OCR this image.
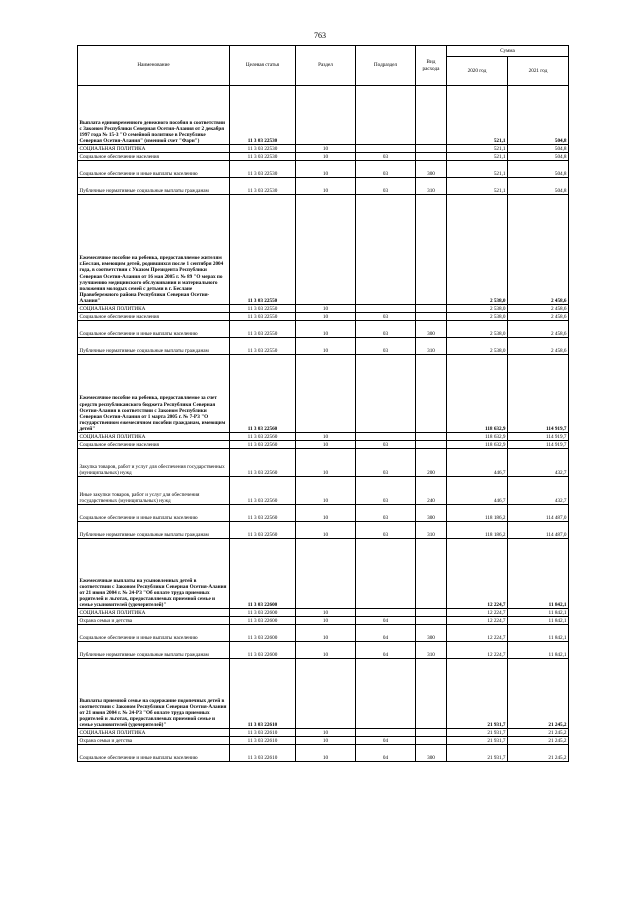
763
Наименование	Целевая статья	Раздел	Подраздел	Вид расхода	Сумма	
					2020 год	2021 год
Выплата единовременного денежного пособия в соответствии с Законом Республики Северная Осетия-Алания от 2 декабря 1997 года № 15-З "О семейной политике в Республике Северная Осетия-Алания" (именной счет "Фарн")	11 3 03 22530				521,1	504,8
СОЦИАЛЬНАЯ ПОЛИТИКА	11 3 03 22530	10			521,1	504,8
Социальное обеспечение населения	11 3 03 22530	10	03		521,1	504,8
Социальное обеспечение и иные выплаты населению	11 3 03 22530	10	03	300	521,1	504,8
Публичные нормативные социальные выплаты гражданам	11 3 03 22530	10	03	310	521,1	504,8
Ежемесячное пособие на ребенка, предоставляемое жителям г.Беслан, имеющим детей, родившихся после 1 сентября 2004 года, в соответствии с Указом Президента Республики Северная Осетия-Алания от 16 мая 2005 г. № 89 "О мерах по улучшению медицинского обслуживания и материального положения молодых семей с детьми в г. Беслане Правобережного района Республики Северная Осетия-Алания"	11 3 03 22550				2 538,0	2 458,6
СОЦИАЛЬНАЯ ПОЛИТИКА	11 3 03 22550	10			2 538,0	2 458,6
Социальное обеспечение населения	11 3 03 22550	10	03		2 538,0	2 458,6
Социальное обеспечение и иные выплаты населению	11 3 03 22550	10	03	300	2 538,0	2 458,6
Публичные нормативные социальные выплаты гражданам	11 3 03 22550	10	03	310	2 538,0	2 458,6
Ежемесячное пособие на ребенка, предоставляемое за счет средств республиканского бюджета Республики Северная Осетия-Алания в соответствии с Законом Республики Северная Осетия-Алания от 1 марта 2005 г. № 7-РЗ "О государственном ежемесячном пособии гражданам, имеющим детей"	11 3 03 22560				118 632,9	114 919,7
СОЦИАЛЬНАЯ ПОЛИТИКА	11 3 03 22560	10			118 632,9	114 919,7
Социальное обеспечение населения	11 3 03 22560	10	03		118 632,9	114 919,7
Закупка товаров, работ и услуг для обеспечения государственных (муниципальных) нужд	11 3 03 22560	10	03	200	446,7	432,7
Иные закупки товаров, работ и услуг для обеспечения государственных (муниципальных) нужд	11 3 03 22560	10	03	240	446,7	432,7
Социальное обеспечение и иные выплаты населению	11 3 03 22560	10	03	300	118 186,2	114 487,0
Публичные нормативные социальные выплаты гражданам	11 3 03 22560	10	03	310	118 186,2	114 487,0
Ежемесячные выплаты на усыновленных детей в соответствии с Законом Республики Северная Осетия-Алания от 21 июня 2004 г. № 24-РЗ "Об оплате труда приемных родителей и льготах, предоставляемых приемной семье и семье усыновителей (удочерителей)"	11 3 03 22600				12 224,7	11 842,1
СОЦИАЛЬНАЯ ПОЛИТИКА	11 3 03 22600	10			12 224,7	11 842,1
Охрана семьи и детства	11 3 03 22600	10	04		12 224,7	11 842,1
Социальное обеспечение и иные выплаты населению	11 3 03 22600	10	04	300	12 224,7	11 842,1
Публичные нормативные социальные выплаты гражданам	11 3 03 22600	10	04	310	12 224,7	11 842,1
Выплаты приемной семье на содержание подопечных детей в соответствии с Законом Республики Северная Осетия-Алания от 21 июня 2004 г. № 24-РЗ "Об оплате труда приемных родителей и льготах, предоставляемых приемной семье и семье усыновителей (удочерителей)"	11 3 03 22610				21 931,7	21 245,2
СОЦИАЛЬНАЯ ПОЛИТИКА	11 3 03 22610	10			21 931,7	21 245,2
Охрана семьи и детства	11 3 03 22610	10	04		21 931,7	21 245,2
Социальное обеспечение и иные выплаты населению	11 3 03 22610	10	04	300	21 931,7	21 245,2
